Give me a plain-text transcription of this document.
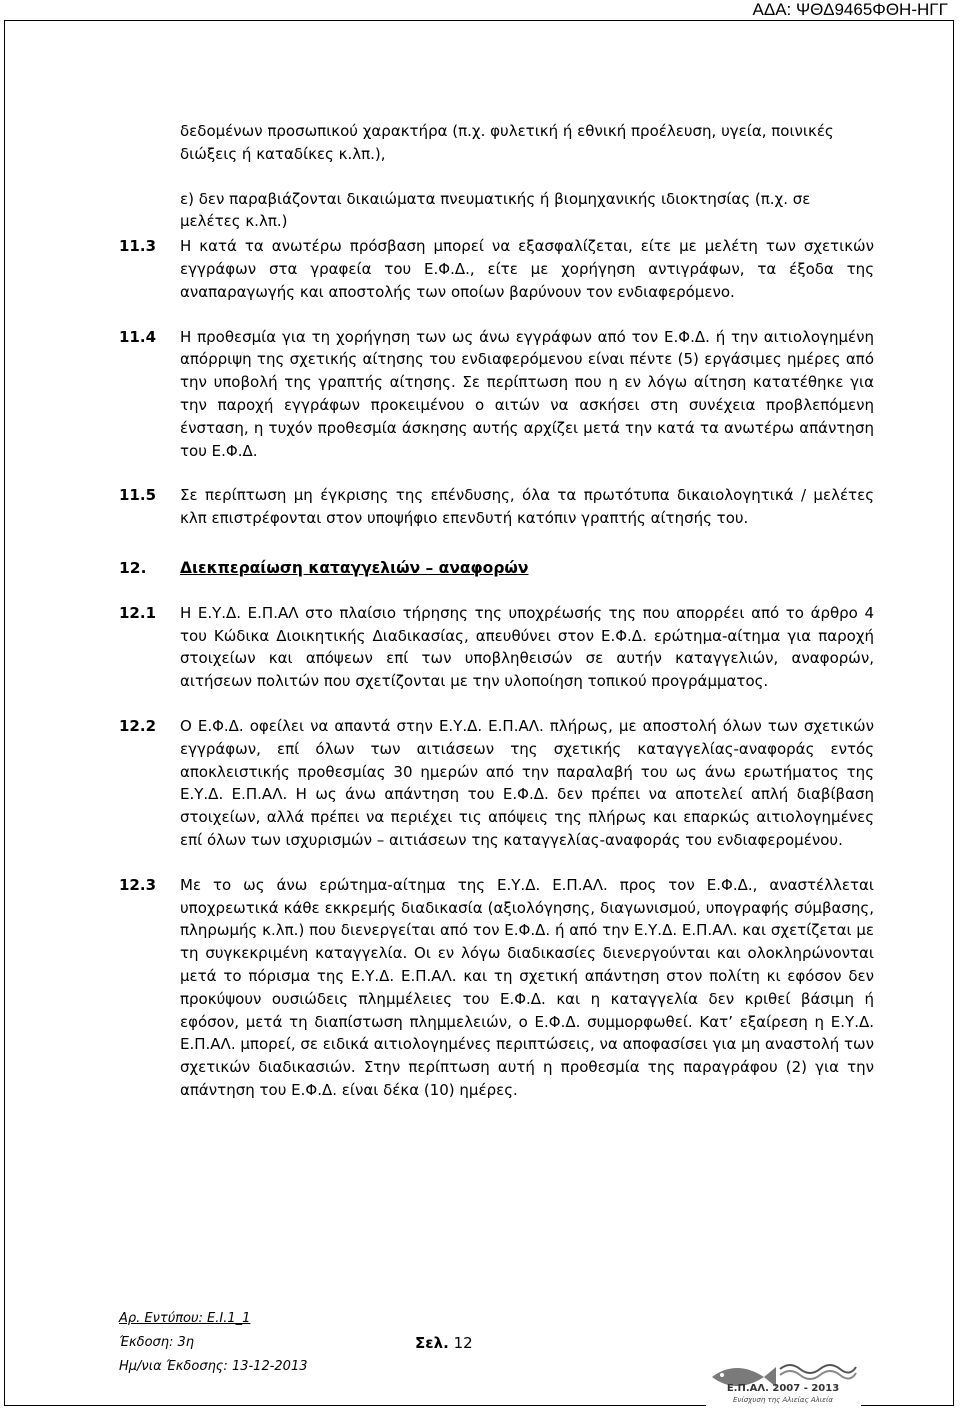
ΑΔΑ: ΨΘΔ9465ΦΘΗ-ΗΓΓ

δεδομένων προσωπικού χαρακτήρα (π.χ. φυλετική ή εθνική προέλευση, υγεία, ποινικές διώξεις ή καταδίκες κ.λπ.),

ε) δεν παραβιάζονται δικαιώματα πνευματικής ή βιομηχανικής ιδιοκτησίας (π.χ. σε μελέτες κ.λπ.)

11.3	Η κατά τα ανωτέρω πρόσβαση μπορεί να εξασφαλίζεται, είτε με μελέτη των σχετικών εγγράφων στα γραφεία του Ε.Φ.Δ., είτε με χορήγηση αντιγράφων, τα έξοδα της αναπαραγωγής και αποστολής των οποίων βαρύνουν τον ενδιαφερόμενο.
11.4	Η προθεσμία για τη χορήγηση των ως άνω εγγράφων από τον Ε.Φ.Δ. ή την αιτιολογημένη απόρριψη της σχετικής αίτησης του ενδιαφερόμενου είναι πέντε (5) εργάσιμες ημέρες από την υποβολή της γραπτής αίτησης. Σε περίπτωση που η εν λόγω αίτηση κατατέθηκε για την παροχή εγγράφων προκειμένου ο αιτών να ασκήσει στη συνέχεια προβλεπόμενη ένσταση, η τυχόν προθεσμία άσκησης αυτής αρχίζει μετά την κατά τα ανωτέρω απάντηση του Ε.Φ.Δ.
11.5	Σε περίπτωση μη έγκρισης της επένδυσης, όλα τα πρωτότυπα δικαιολογητικά / μελέτες κλπ επιστρέφονται στον υποψήφιο επενδυτή κατόπιν γραπτής αίτησής του.
12.	Διεκπεραίωση καταγγελιών – αναφορών
12.1	Η Ε.Υ.Δ. Ε.Π.ΑΛ στο πλαίσιο τήρησης της υποχρέωσής της που απορρέει από το άρθρο 4 του Κώδικα Διοικητικής Διαδικασίας, απευθύνει στον Ε.Φ.Δ. ερώτημα-αίτημα για παροχή στοιχείων και απόψεων επί των υποβληθεισών σε αυτήν καταγγελιών, αναφορών, αιτήσεων πολιτών που σχετίζονται με την υλοποίηση τοπικού προγράμματος.
12.2	Ο Ε.Φ.Δ. οφείλει να απαντά στην Ε.Υ.Δ. Ε.Π.ΑΛ. πλήρως, με αποστολή όλων των σχετικών εγγράφων, επί όλων των αιτιάσεων της σχετικής καταγγελίας-αναφοράς εντός αποκλειστικής προθεσμίας 30 ημερών από την παραλαβή του ως άνω ερωτήματος της Ε.Υ.Δ. Ε.Π.ΑΛ. Η ως άνω απάντηση του Ε.Φ.Δ. δεν πρέπει να αποτελεί απλή διαβίβαση στοιχείων, αλλά πρέπει να περιέχει τις απόψεις της πλήρως και επαρκώς αιτιολογημένες επί όλων των ισχυρισμών – αιτιάσεων της καταγγελίας-αναφοράς του ενδιαφερομένου.
12.3	Με το ως άνω ερώτημα-αίτημα της Ε.Υ.Δ. Ε.Π.ΑΛ. προς τον Ε.Φ.Δ., αναστέλλεται υποχρεωτικά κάθε εκκρεμής διαδικασία (αξιολόγησης, διαγωνισμού, υπογραφής σύμβασης, πληρωμής κ.λπ.) που διενεργείται από τον Ε.Φ.Δ. ή από την Ε.Υ.Δ. Ε.Π.ΑΛ. και σχετίζεται με τη συγκεκριμένη καταγγελία. Οι εν λόγω διαδικασίες διενεργούνται και ολοκληρώνονται μετά το πόρισμα της Ε.Υ.Δ. Ε.Π.ΑΛ. και τη σχετική απάντηση στον πολίτη κι εφόσον δεν προκύψουν ουσιώδεις πλημμέλειες του Ε.Φ.Δ. και η καταγγελία δεν κριθεί βάσιμη ή εφόσον, μετά τη διαπίστωση πλημμελειών, ο Ε.Φ.Δ. συμμορφωθεί. Κατ’ εξαίρεση η Ε.Υ.Δ. Ε.Π.ΑΛ. μπορεί, σε ειδικά αιτιολογημένες περιπτώσεις, να αποφασίσει για μη αναστολή των σχετικών διαδικασιών. Στην περίπτωση αυτή η προθεσμία της παραγράφου (2) για την απάντηση του Ε.Φ.Δ. είναι δέκα (10) ημέρες.
Αρ. Εντύπου: Ε.Ι.1_1
Έκδοση: 3η
Ημ/νια Έκδοσης: 13-12-2013
Σελ. 12
Ε.Π.ΑΛ. 2007 - 2013
Ενίσχυση της Αλιείας Αλιεία
